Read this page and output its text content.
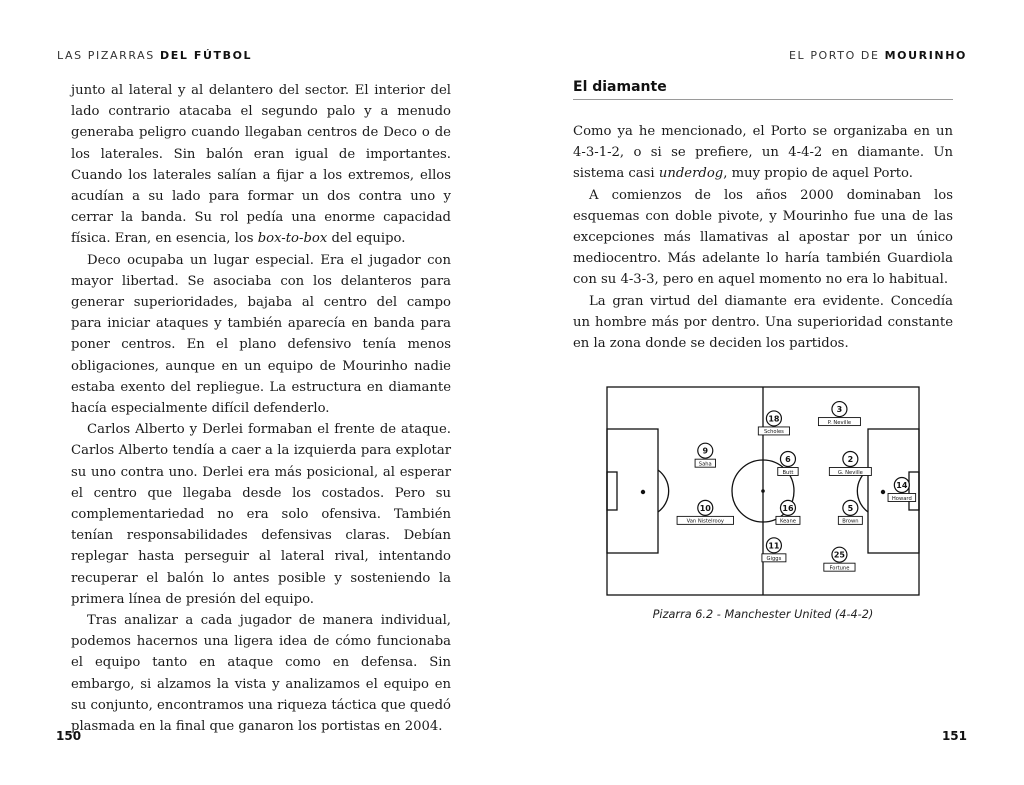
LAS PIZARRAS DEL FÚTBOL

junto al lateral y al delantero del sector. El interior del lado contrario atacaba el segundo palo y a menudo generaba peligro cuando llegaban centros de Deco o de los laterales. Sin balón eran igual de importantes. Cuando los laterales salían a fijar a los extremos, ellos acudían a su lado para formar un dos contra uno y cerrar la banda. Su rol pedía una enorme capacidad física. Eran, en esencia, los box-to-box del equipo.

Deco ocupaba un lugar especial. Era el jugador con mayor libertad. Se asociaba con los delanteros para generar superioridades, bajaba al centro del campo para iniciar ataques y también aparecía en banda para poner centros. En el plano defensivo tenía menos obligaciones, aunque en un equipo de Mourinho nadie estaba exento del repliegue. La estructura en diamante hacía especialmente difícil defenderlo.

Carlos Alberto y Derlei formaban el frente de ataque. Carlos Alberto tendía a caer a la izquierda para explotar su uno contra uno. Derlei era más posicional, al esperar el centro que llegaba desde los costados. Pero su complementariedad no era solo ofensiva. También tenían responsabilidades defensivas claras. Debían replegar hasta perseguir al lateral rival, intentando recuperar el balón lo antes posible y sosteniendo la primera línea de presión del equipo.

Tras analizar a cada jugador de manera individual, podemos hacernos una ligera idea de cómo funcionaba el equipo tanto en ataque como en defensa. Sin embargo, si alzamos la vista y analizamos el equipo en su conjunto, encontramos una riqueza táctica que quedó plasmada en la final que ganaron los portistas en 2004.

150
EL PORTO DE MOURINHO
El diamante

Como ya he mencionado, el Porto se organizaba en un 4-3-1-2, o si se prefiere, un 4-4-2 en diamante. Un sistema casi underdog, muy propio de aquel Porto.

A comienzos de los años 2000 dominaban los esquemas con doble pivote, y Mourinho fue una de las excepciones más llamativas al apostar por un único mediocentro. Más adelante lo haría también Guardiola con su 4-3-3, pero en aquel momento no era lo habitual.

La gran virtud del diamante era evidente. Concedía un hombre más por dentro. Una superioridad constante en la zona donde se deciden los partidos.

18
Scholes
3
P. Neville
9
Saha
6
Butt
2
G. Neville
14
Howard
10
Van Nistelrooy
16
Keane
5
Brown
11
Giggs	25
Fortune
Pizarra 6.2 - Manchester United (4-4-2)
151
